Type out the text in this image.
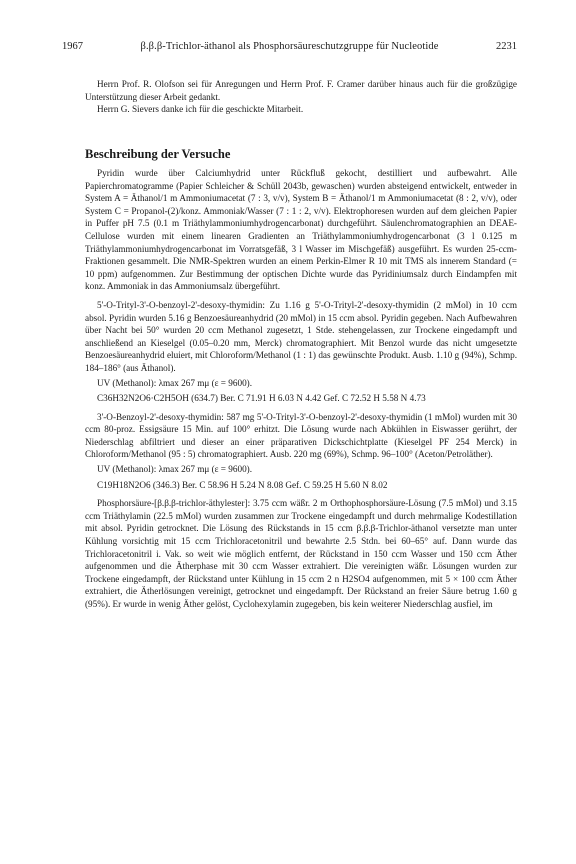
1967	β.β.β-Trichlor-äthanol als Phosphorsäureschutzgruppe für Nucleotide	2231

Herrn Prof. R. Olofson sei für Anregungen und Herrn Prof. F. Cramer darüber hinaus auch für die großzügige Unterstützung dieser Arbeit gedankt.

Herrn G. Sievers danke ich für die geschickte Mitarbeit.

Beschreibung der Versuche

Pyridin wurde über Calciumhydrid unter Rückfluß gekocht, destilliert und aufbewahrt. Alle Papierchromatogramme (Papier Schleicher & Schüll 2043b, gewaschen) wurden absteigend entwickelt, entweder in System A = Äthanol/1 m Ammoniumacetat (7 : 3, v/v), System B = Äthanol/1 m Ammoniumacetat (8 : 2, v/v), oder System C = Propanol-(2)/konz. Ammoniak/Wasser (7 : 1 : 2, v/v). Elektrophoresen wurden auf dem gleichen Papier in Puffer pH 7.5 (0.1 m Triäthylammoniumhydrogencarbonat) durchgeführt. Säulenchromatographien an DEAE-Cellulose wurden mit einem linearen Gradienten an Triäthylammoniumhydrogencarbonat (3 l 0.125 m Triäthylammoniumhydrogencarbonat im Vorratsgefäß, 3 l Wasser im Mischgefäß) ausgeführt. Es wurden 25-ccm-Fraktionen gesammelt. Die NMR-Spektren wurden an einem Perkin-Elmer R 10 mit TMS als innerem Standard (= 10 ppm) aufgenommen. Zur Bestimmung der optischen Dichte wurde das Pyridiniumsalz durch Eindampfen mit konz. Ammoniak in das Ammoniumsalz übergeführt.

5'-O-Trityl-3'-O-benzoyl-2'-desoxy-thymidin: Zu 1.16 g 5'-O-Trityl-2'-desoxy-thymidin (2 mMol) in 10 ccm absol. Pyridin wurden 5.16 g Benzoesäureanhydrid (20 mMol) in 15 ccm absol. Pyridin gegeben. Nach Aufbewahren über Nacht bei 50° wurden 20 ccm Methanol zugesetzt, 1 Stde. stehengelassen, zur Trockene eingedampft und anschließend an Kieselgel (0.05–0.20 mm, Merck) chromatographiert. Mit Benzol wurde das nicht umgesetzte Benzoesäureanhydrid eluiert, mit Chloroform/Methanol (1 : 1) das gewünschte Produkt. Ausb. 1.10 g (94%), Schmp. 184–186° (aus Äthanol).

UV (Methanol): λmax 267 mμ (ε = 9600).

C36H32N2O6·C2H5OH (634.7) Ber. C 71.91 H 6.03 N 4.42 Gef. C 72.52 H 5.58 N 4.73

3'-O-Benzoyl-2'-desoxy-thymidin: 587 mg 5'-O-Trityl-3'-O-benzoyl-2'-desoxy-thymidin (1 mMol) wurden mit 30 ccm 80-proz. Essigsäure 15 Min. auf 100° erhitzt. Die Lösung wurde nach Abkühlen in Eiswasser gerührt, der Niederschlag abfiltriert und dieser an einer präparativen Dickschichtplatte (Kieselgel PF 254 Merck) in Chloroform/Methanol (95 : 5) chromatographiert. Ausb. 220 mg (69%), Schmp. 96–100° (Aceton/Petroläther).

UV (Methanol): λmax 267 mμ (ε = 9600).

C19H18N2O6 (346.3) Ber. C 58.96 H 5.24 N 8.08 Gef. C 59.25 H 5.60 N 8.02

Phosphorsäure-[β.β.β-trichlor-äthylester]: 3.75 ccm wäßr. 2 m Orthophosphorsäure-Lösung (7.5 mMol) und 3.15 ccm Triäthylamin (22.5 mMol) wurden zusammen zur Trockene eingedampft und durch mehrmalige Kodestillation mit absol. Pyridin getrocknet. Die Lösung des Rückstands in 15 ccm β.β.β-Trichlor-äthanol versetzte man unter Kühlung vorsichtig mit 15 ccm Trichloracetonitril und bewahrte 2.5 Stdn. bei 60–65° auf. Dann wurde das Trichloracetonitril i. Vak. so weit wie möglich entfernt, der Rückstand in 150 ccm Wasser und 150 ccm Äther aufgenommen und die Ätherphase mit 30 ccm Wasser extrahiert. Die vereinigten wäßr. Lösungen wurden zur Trockene eingedampft, der Rückstand unter Kühlung in 15 ccm 2 n H2SO4 aufgenommen, mit 5 × 100 ccm Äther extrahiert, die Ätherlösungen vereinigt, getrocknet und eingedampft. Der Rückstand an freier Säure betrug 1.60 g (95%). Er wurde in wenig Äther gelöst, Cyclohexylamin zugegeben, bis kein weiterer Niederschlag ausfiel, im
